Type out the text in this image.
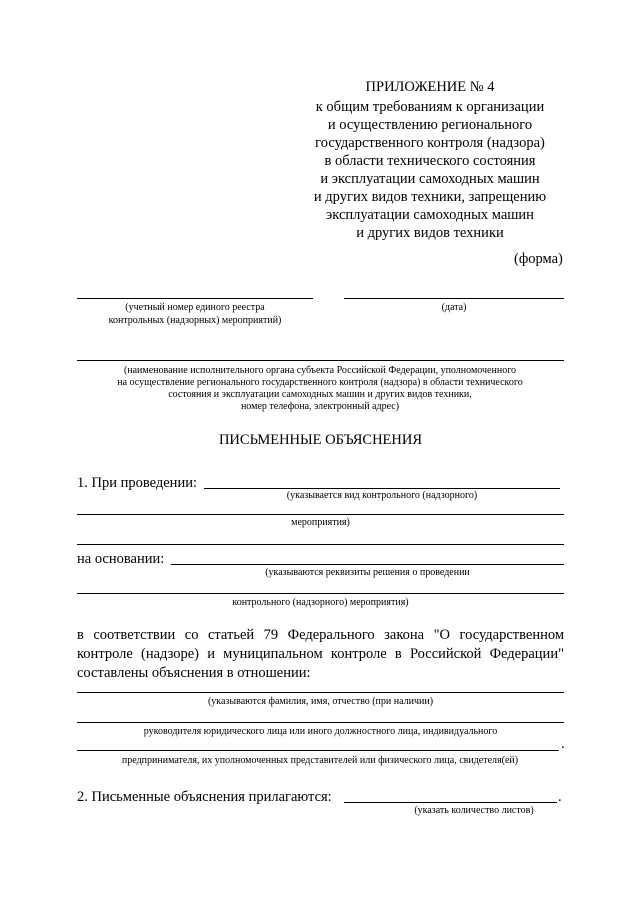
ПРИЛОЖЕНИЕ № 4
к общим требованиям к организации
и осуществлению регионального
государственного контроля (надзора)
в области технического состояния
и эксплуатации самоходных машин
и других видов техники, запрещению
эксплуатации самоходных машин
и других видов техники
(форма)
(учетный номер единого реестра
контрольных (надзорных) мероприятий)
(дата)
(наименование исполнительного органа субъекта Российской Федерации, уполномоченного
на осуществление регионального государственного контроля (надзора) в области технического
состояния и эксплуатации самоходных машин и других видов техники,
номер телефона, электронный адрес)
ПИСЬМЕННЫЕ ОБЪЯСНЕНИЯ
1. При проведении:
(указывается вид контрольного (надзорного)
мероприятия)
на основании:
(указываются реквизиты решения о проведении
контрольного (надзорного) мероприятия)
в соответствии со статьей 79 Федерального закона "О государственном контроле (надзоре) и муниципальном контроле в Российской Федерации" составлены объяснения в отношении:
(указываются фамилия, имя, отчество (при наличии)
руководителя юридического лица или иного должностного лица, индивидуального
.
предпринимателя, их уполномоченных представителей или физического лица, свидетеля(ей)
2. Письменные объяснения прилагаются:	.
(указать количество листов)
